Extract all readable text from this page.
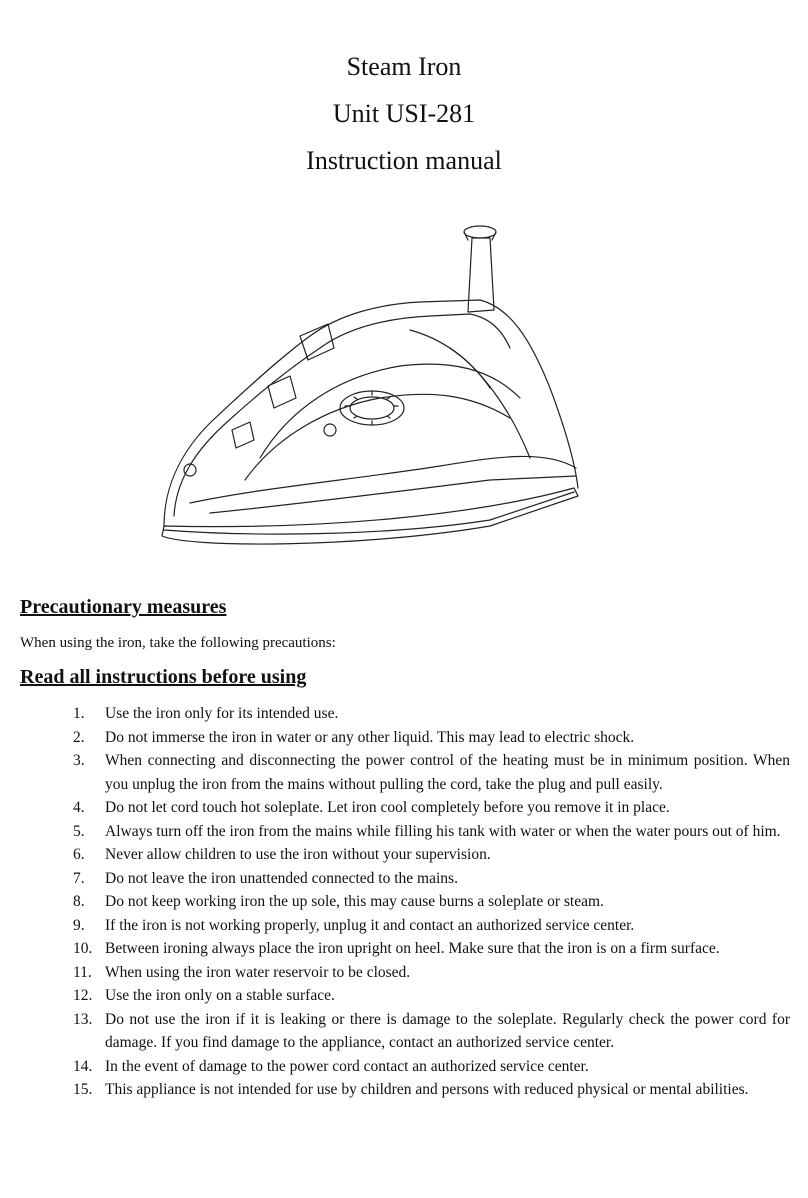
Steam Iron
Unit USI-281
Instruction manual
Precautionary measures
When using the iron, take the following precautions:
Read all instructions before using
1. Use the iron only for its intended use.
2. Do not immerse the iron in water or any other liquid. This may lead to electric shock.
3. When connecting and disconnecting the power control of the heating must be in minimum position. When you unplug the iron from the mains without pulling the cord, take the plug and pull easily.
4. Do not let cord touch hot soleplate. Let iron cool completely before you remove it in place.
5. Always turn off the iron from the mains while filling his tank with water or when the water pours out of him.
6. Never allow children to use the iron without your supervision.
7. Do not leave the iron unattended connected to the mains.
8. Do not keep working iron the up sole, this may cause burns a soleplate or steam.
9. If the iron is not working properly, unplug it and contact an authorized service center.
10. Between ironing always place the iron upright on heel. Make sure that the iron is on a firm surface.
11. When using the iron water reservoir to be closed.
12. Use the iron only on a stable surface.
13. Do not use the iron if it is leaking or there is damage to the soleplate. Regularly check the power cord for damage. If you find damage to the appliance, contact an authorized service center.
14. In the event of damage to the power cord contact an authorized service center.
15. This appliance is not intended for use by children and persons with reduced physical or mental abilities.
